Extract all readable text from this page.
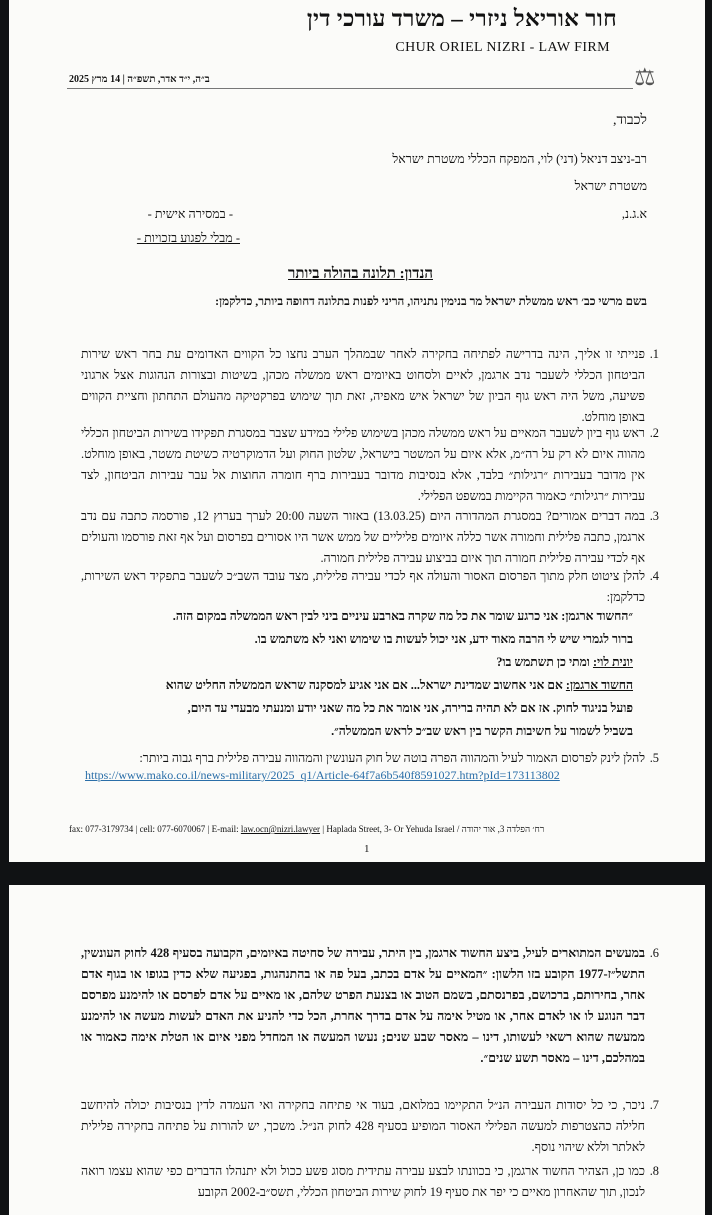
חור אוריאל ניזרי – משרד עורכי דין
CHUR ORIEL NIZRI - LAW FIRM
⚖
ב״ה, י״ד אדר, תשפ״ה | 14 מרץ 2025
לכבוד,
רב-ניצב דניאל (דני) לוי, המפקח הכללי משטרת ישראל
משטרת ישראל
א.ג.נ,
- במסירה אישית -
- מבלי לפגוע בזכויות -
הנדון: תלונה בהולה ביותר
בשם מרשי כב׳ ראש ממשלת ישראל מר בנימין נתניהו, הריני לפנות בתלונה דחופה ביותר, כדלקמן:
1.
פנייתי זו אליך, הינה בדרישה לפתיחה בחקירה לאחר שבמהלך הערב נחצו כל הקווים האדומים עת בחר ראש שירות הביטחון הכללי לשעבר נדב ארגמן, לאיים ולסחוט באיומים ראש ממשלה מכהן, בשיטות ובצורות הנהוגות אצל ארגוני פשיעה, משל היה ראש גוף הביון של ישראל איש מאפיה, זאת תוך שימוש בפרקטיקה מהעולם התחתון וחציית הקווים באופן מוחלט.
2.
ראש גוף ביון לשעבר המאיים על ראש ממשלה מכהן בשימוש פלילי במידע שצבר במסגרת תפקידו בשירות הביטחון הכללי מהווה איום לא רק על רה״מ, אלא איום על המשטר בישראל, שלטון החוק ועל הדמוקרטיה כשיטת משטר, באופן מוחלט. אין מדובר בעבירות ״רגילות״ בלבד, אלא בנסיבות מדובר בעבירות ברף חומרה החוצות אל עבר עבירות הביטחון, לצד עבירות ״רגילות״ כאמור הקיימות במשפט הפלילי.
3.
במה דברים אמורים? במסגרת המהדורה היום (13.03.25) באזור השעה 20:00 לערך בערוץ 12, פורסמה כתבה עם נדב ארגמן, כתבה פלילית וחמורה אשר כללה איומים פליליים של ממש אשר היו אסורים בפרסום ועל אף זאת פורסמו והעולים אף לכדי עבירה פלילית חמורה תוך איום בביצוע עבירה פלילית חמורה.
4.
להלן ציטוט חלק מתוך הפרסום האסור והעולה אף לכדי עבירה פלילית, מצד עובד השב״כ לשעבר בתפקיד ראש השירות, כדלקמן:
״החשוד ארגמן: אני כרגע שומר את כל מה שקרה בארבע עיניים ביני לבין ראש הממשלה במקום הזה.
ברור לגמרי שיש לי הרבה מאוד ידע, אני יכול לעשות בו שימוש ואני לא משתמש בו.
יונית לוי: ומתי כן תשתמש בו?
החשוד ארגמן: אם אני אחשוב שמדינת ישראל... אם אני אגיע למסקנה שראש הממשלה החליט שהוא
פועל בניגוד לחוק. אז אם לא תהיה ברירה, אני אומר את כל מה שאני יודע ומנעתי מבעדי עד היום,
בשביל לשמור על חשיבות הקשר בין ראש שב״כ לראש הממשלה״.
5.
להלן לינק לפרסום האמור לעיל והמהווה הפרה בוטה של חוק העונשין והמהווה עבירה פלילית ברף גבוה ביותר:
https://www.mako.co.il/news-military/2025_q1/Article-64f7a6b540f8591027.htm?pId=173113802
fax: 077-3179734 | cell: 077-6070067 | E-mail: law.ocn@nizri.lawyer | Haplada Street, 3- Or Yehuda Israel / רח׳ הפלדה 3, אור יהודה
1
6.
במעשים המתוארים לעיל, ביצע החשוד ארגמן, בין היתר, עבירה של סחיטה באיומים, הקבועה בסעיף 428 לחוק העונשין, התשל״ז-1977 הקובע בזו הלשון: ״המאיים על אדם בכתב, בעל פה או בהתנהגות, בפגיעה שלא כדין בגופו או בגוף אדם אחר, בחירותם, ברכושם, בפרנסתם, בשמם הטוב או בצנעת הפרט שלהם, או מאיים על אדם לפרסם או להימנע מפרסם דבר הנוגע לו או לאדם אחר, או מטיל אימה על אדם בדרך אחרת, הכל כדי להניע את האדם לעשות מעשה או להימנע ממעשה שהוא רשאי לעשותו, דינו – מאסר שבע שנים; נעשו המעשה או המחדל מפני איום או הטלת אימה כאמור או במהלכם, דינו – מאסר תשע שנים״.
7.
ניכר, כי כל יסודות העבירה הנ״ל התקיימו במלואם, בעוד אי פתיחה בחקירה ואי העמדה לדין בנסיבות יכולה להיחשב חלילה כהצטרפות למעשה הפלילי האסור המופיע בסעיף 428 לחוק הנ״ל. משכך, יש להורות על פתיחה בחקירה פלילית לאלתר וללא שיהוי נוסף.
8.
כמו כן, הצהיר החשוד ארגמן, כי בכוונתו לבצע עבירה עתידית מסוג פשע ככול ולא יתנהלו הדברים כפי שהוא עצמו רואה לנכון, תוך שהאחרון מאיים כי יפר את סעיף 19 לחוק שירות הביטחון הכללי, תשס״ב-2002 הקובע
